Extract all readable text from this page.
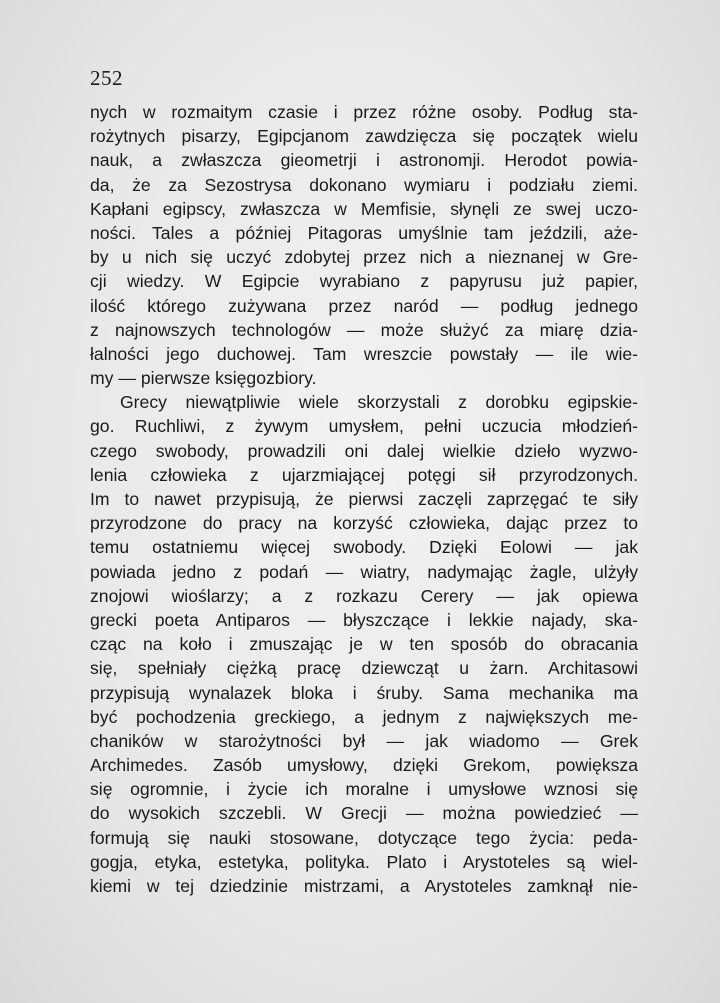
252
nych w rozmaitym czasie i przez różne osoby. Podług sta-
rożytnych pisarzy, Egipcjanom zawdzięcza się początek wielu
nauk, a zwłaszcza gieometrji i astronomji. Herodot powia-
da, że za Sezostrysa dokonano wymiaru i podziału ziemi.
Kapłani egipscy, zwłaszcza w Memfisie, słynęli ze swej uczo-
ności. Tales a później Pitagoras umyślnie tam jeździli, aże-
by u nich się uczyć zdobytej przez nich a nieznanej w Gre-
cji wiedzy. W Egipcie wyrabiano z papyrusu już papier,
ilość którego zużywana przez naród — podług jednego
z najnowszych technologów — może służyć za miarę dzia-
łalności jego duchowej. Tam wreszcie powstały — ile wie-
my — pierwsze księgozbiory.
Grecy niewątpliwie wiele skorzystali z dorobku egipskie-
go. Ruchliwi, z żywym umysłem, pełni uczucia młodzień-
czego swobody, prowadzili oni dalej wielkie dzieło wyzwo-
lenia człowieka z ujarzmiającej potęgi sił przyrodzonych.
Im to nawet przypisują, że pierwsi zaczęli zaprzęgać te siły
przyrodzone do pracy na korzyść człowieka, dając przez to
temu ostatniemu więcej swobody. Dzięki Eolowi — jak
powiada jedno z podań — wiatry, nadymając żagle, ulżyły
znojowi wioślarzy; a z rozkazu Cerery — jak opiewa
grecki poeta Antiparos — błyszczące i lekkie najady, ska-
cząc na koło i zmuszając je w ten sposób do obracania
się, spełniały ciężką pracę dziewcząt u żarn. Architasowi
przypisują wynalazek bloka i śruby. Sama mechanika ma
być pochodzenia greckiego, a jednym z największych me-
chaników w starożytności był — jak wiadomo — Grek
Archimedes. Zasób umysłowy, dzięki Grekom, powiększa
się ogromnie, i życie ich moralne i umysłowe wznosi się
do wysokich szczebli. W Grecji — można powiedzieć —
formują się nauki stosowane, dotyczące tego życia: peda-
gogja, etyka, estetyka, polityka. Plato i Arystoteles są wiel-
kiemi w tej dziedzinie mistrzami, a Arystoteles zamknął nie-
